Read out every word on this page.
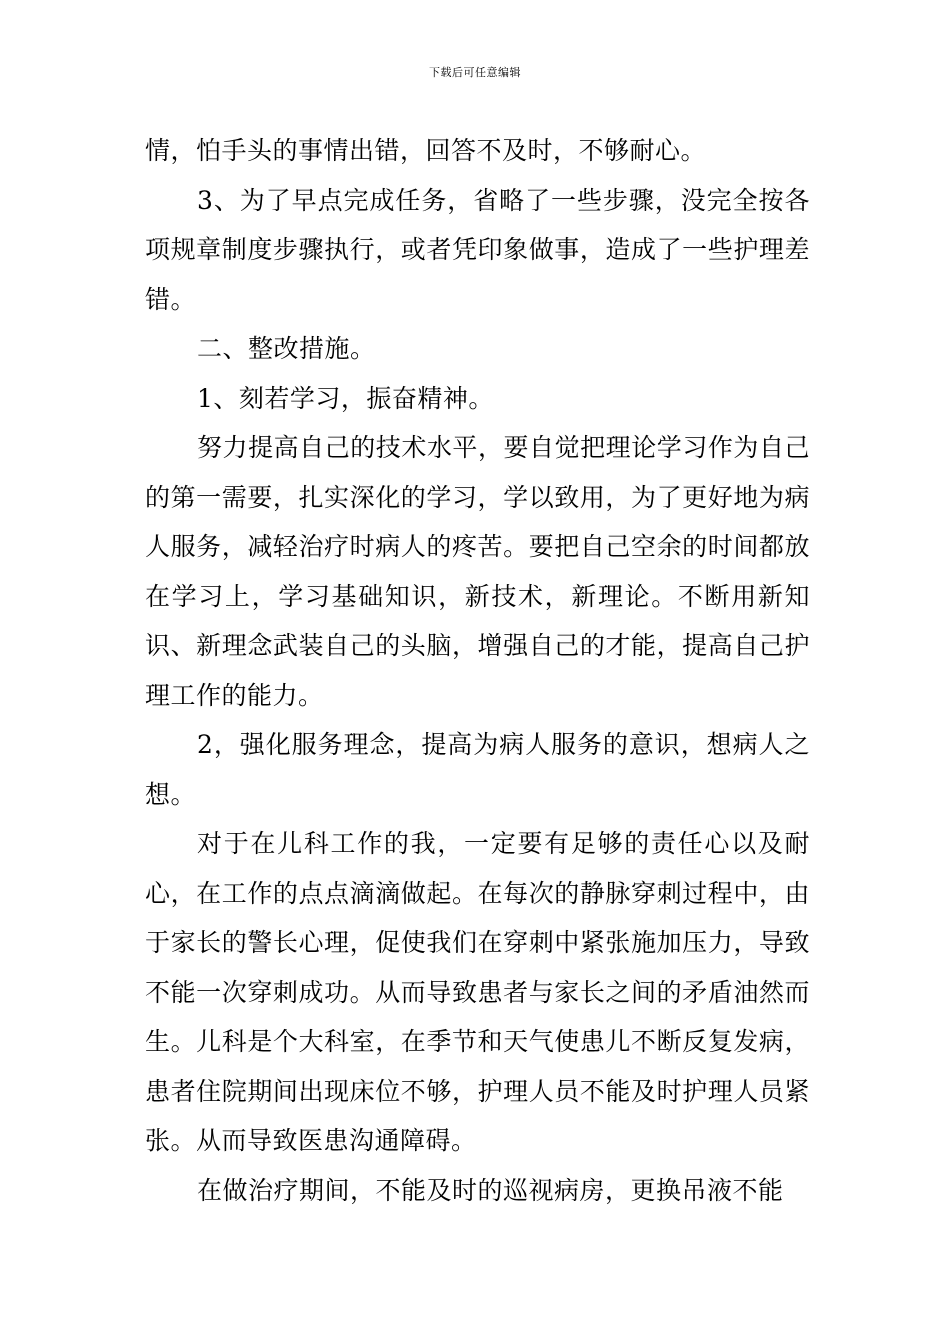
下载后可任意编辑

情，怕手头的事情出错，回答不及时，不够耐心。

3、为了早点完成任务，省略了一些步骤，没完全按各项规章制度步骤执行，或者凭印象做事，造成了一些护理差错。

二、整改措施。

1、刻若学习，振奋精神。

努力提高自己的技术水平，要自觉把理论学习作为自己的第一需要，扎实深化的学习，学以致用，为了更好地为病人服务，减轻治疗时病人的疼苦。要把自己空余的时间都放在学习上，学习基础知识，新技术，新理论。不断用新知识、新理念武装自己的头脑，增强自己的才能，提高自己护理工作的能力。

2，强化服务理念，提高为病人服务的意识，想病人之想。

对于在儿科工作的我，一定要有足够的责任心以及耐心，在工作的点点滴滴做起。在每次的静脉穿刺过程中，由于家长的警长心理，促使我们在穿刺中紧张施加压力，导致不能一次穿刺成功。从而导致患者与家长之间的矛盾油然而生。儿科是个大科室，在季节和天气使患儿不断反复发病，患者住院期间出现床位不够，护理人员不能及时护理人员紧张。从而导致医患沟通障碍。

在做治疗期间，不能及时的巡视病房，更换吊液不能
